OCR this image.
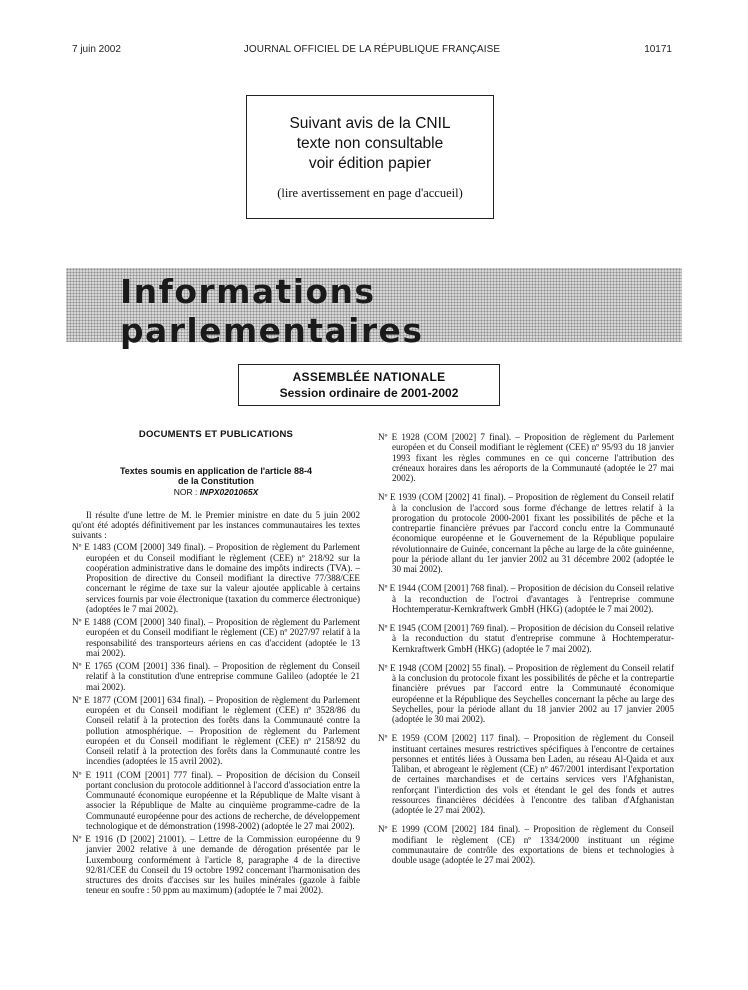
7 juin 2002	JOURNAL OFFICIEL DE LA RÉPUBLIQUE FRANÇAISE	10171
Suivant avis de la CNIL
texte non consultable
voir édition papier
(lire avertissement en page d'accueil)
Informations parlementaires
ASSEMBLÉE NATIONALE
Session ordinaire de 2001-2002
DOCUMENTS ET PUBLICATIONS
Textes soumis en application de l'article 88-4
de la Constitution
NOR : INPX0201065X

Il résulte d'une lettre de M. le Premier ministre en date du 5 juin 2002 qu'ont été adoptés définitivement par les instances communautaires les textes suivants :

Nº E 1483 (COM [2000] 349 final). – Proposition de règlement du Parlement européen et du Conseil modifiant le règlement (CEE) nº 218/92 sur la coopération administrative dans le domaine des impôts indirects (TVA). – Proposition de directive du Conseil modifiant la directive 77/388/CEE concernant le régime de taxe sur la valeur ajoutée applicable à certains services fournis par voie électronique (taxation du commerce électronique) (adoptées le 7 mai 2002).

Nº E 1488 (COM [2000] 340 final). – Proposition de règlement du Parlement européen et du Conseil modifiant le règlement (CE) nº 2027/97 relatif à la responsabilité des transporteurs aériens en cas d'accident (adoptée le 13 mai 2002).

Nº E 1765 (COM [2001] 336 final). – Proposition de règlement du Conseil relatif à la constitution d'une entreprise commune Galileo (adoptée le 21 mai 2002).

Nº E 1877 (COM [2001] 634 final). – Proposition de règlement du Parlement européen et du Conseil modifiant le règlement (CEE) nº 3528/86 du Conseil relatif à la protection des forêts dans la Communauté contre la pollution atmosphérique. – Proposition de règlement du Parlement européen et du Conseil modifiant le règlement (CEE) nº 2158/92 du Conseil relatif à la protection des forêts dans la Communauté contre les incendies (adoptées le 15 avril 2002).

Nº E 1911 (COM [2001] 777 final). – Proposition de décision du Conseil portant conclusion du protocole additionnel à l'accord d'association entre la Communauté économique européenne et la République de Malte visant à associer la République de Malte au cinquième programme-cadre de la Communauté européenne pour des actions de recherche, de développement technologique et de démonstration (1998-2002) (adoptée le 27 mai 2002).

Nº E 1916 (D [2002] 21001). – Lettre de la Commission européenne du 9 janvier 2002 relative à une demande de dérogation présentée par le Luxembourg conformément à l'article 8, paragraphe 4 de la directive 92/81/CEE du Conseil du 19 octobre 1992 concernant l'harmonisation des structures des droits d'accises sur les huiles minérales (gazole à faible teneur en soufre : 50 ppm au maximum) (adoptée le 7 mai 2002).

Nº E 1928 (COM [2002] 7 final). – Proposition de règlement du Parlement européen et du Conseil modifiant le règlement (CEE) nº 95/93 du 18 janvier 1993 fixant les règles communes en ce qui concerne l'attribution des créneaux horaires dans les aéroports de la Communauté (adoptée le 27 mai 2002).

Nº E 1939 (COM [2002] 41 final). – Proposition de règlement du Conseil relatif à la conclusion de l'accord sous forme d'échange de lettres relatif à la prorogation du protocole 2000-2001 fixant les possibilités de pêche et la contrepartie financière prévues par l'accord conclu entre la Communauté économique européenne et le Gouvernement de la République populaire révolutionnaire de Guinée, concernant la pêche au large de la côte guinéenne, pour la période allant du 1er janvier 2002 au 31 décembre 2002 (adoptée le 30 mai 2002).

Nº E 1944 (COM [2001] 768 final). – Proposition de décision du Conseil relative à la reconduction de l'octroi d'avantages à l'entreprise commune Hochtemperatur-Kernkraftwerk GmbH (HKG) (adoptée le 7 mai 2002).

Nº E 1945 (COM [2001] 769 final). – Proposition de décision du Conseil relative à la reconduction du statut d'entreprise commune à Hochtemperatur-Kernkraftwerk GmbH (HKG) (adoptée le 7 mai 2002).

Nº E 1948 (COM [2002] 55 final). – Proposition de règlement du Conseil relatif à la conclusion du protocole fixant les possibilités de pêche et la contrepartie financière prévues par l'accord entre la Communauté économique européenne et la République des Seychelles concernant la pêche au large des Seychelles, pour la période allant du 18 janvier 2002 au 17 janvier 2005 (adoptée le 30 mai 2002).

Nº E 1959 (COM [2002] 117 final). – Proposition de règlement du Conseil instituant certaines mesures restrictives spécifiques à l'encontre de certaines personnes et entités liées à Oussama ben Laden, au réseau Al-Qaida et aux Taliban, et abrogeant le règlement (CE) nº 467/2001 interdisant l'exportation de certaines marchandises et de certains services vers l'Afghanistan, renforçant l'interdiction des vols et étendant le gel des fonds et autres ressources financières décidées à l'encontre des taliban d'Afghanistan (adoptée le 27 mai 2002).

Nº E 1999 (COM [2002] 184 final). – Proposition de règlement du Conseil modifiant le règlement (CE) nº 1334/2000 instituant un régime communautaire de contrôle des exportations de biens et technologies à double usage (adoptée le 27 mai 2002).
